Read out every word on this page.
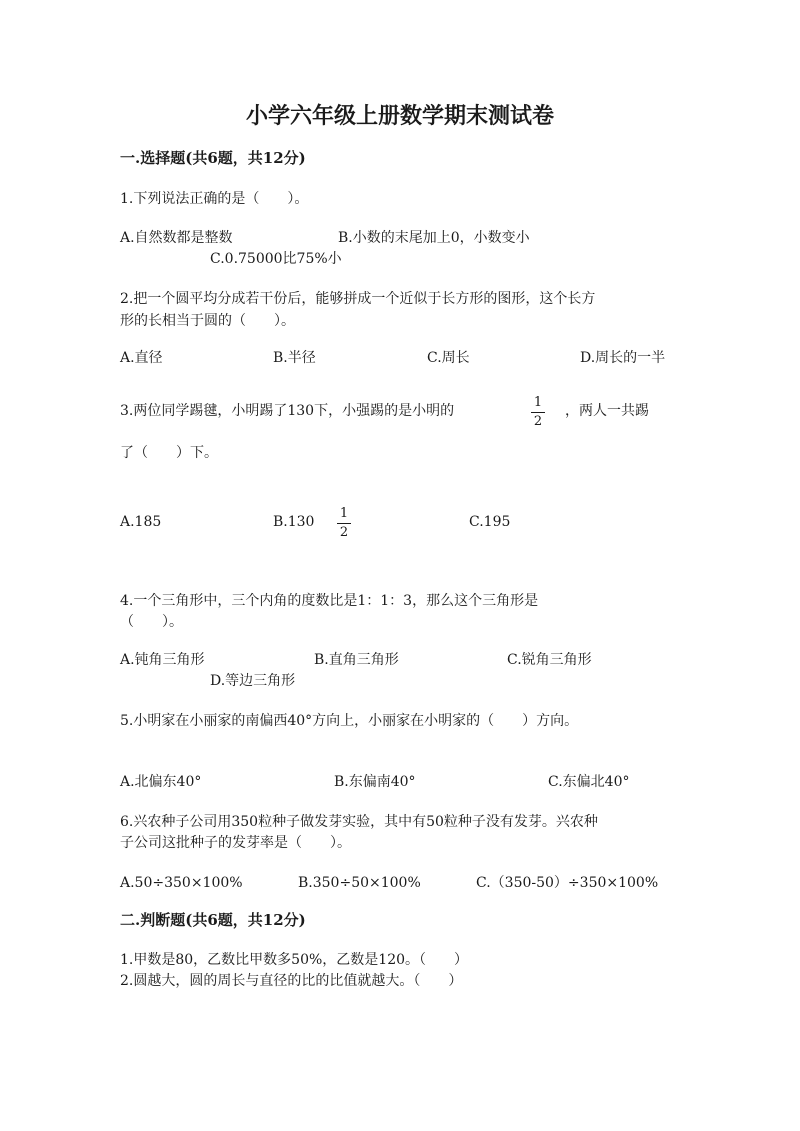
小学六年级上册数学期末测试卷
一.选择题(共6题，共12分)
1.下列说法正确的是（　　）。
A.自然数都是整数	B.小数的末尾加上0，小数变小
C.0.75000比75%小
2.把一个圆平均分成若干份后，能够拼成一个近似于长方形的图形，这个长方
形的长相当于圆的（　　）。
A.直径	B.半径	C.周长	D.周长的一半
3.两位同学踢毽，小明踢了130下，小强踢的是小明的
1
2
，两人一共踢
了（　　）下。
A.185	B.130
1
2
C.195
4.一个三角形中，三个内角的度数比是1：1：3，那么这个三角形是
（　　）。
A.钝角三角形	B.直角三角形	C.锐角三角形
D.等边三角形
5.小明家在小丽家的南偏西40°方向上，小丽家在小明家的（　　）方向。
A.北偏东40°	B.东偏南40°	C.东偏北40°
6.兴农种子公司用350粒种子做发芽实验，其中有50粒种子没有发芽。兴农种
子公司这批种子的发芽率是（　　）。
A.50÷350×100%	B.350÷50×100%	C.（350-50）÷350×100%
二.判断题(共6题，共12分)
1.甲数是80，乙数比甲数多50%，乙数是120。（　　）
2.圆越大，圆的周长与直径的比的比值就越大。（　　）
